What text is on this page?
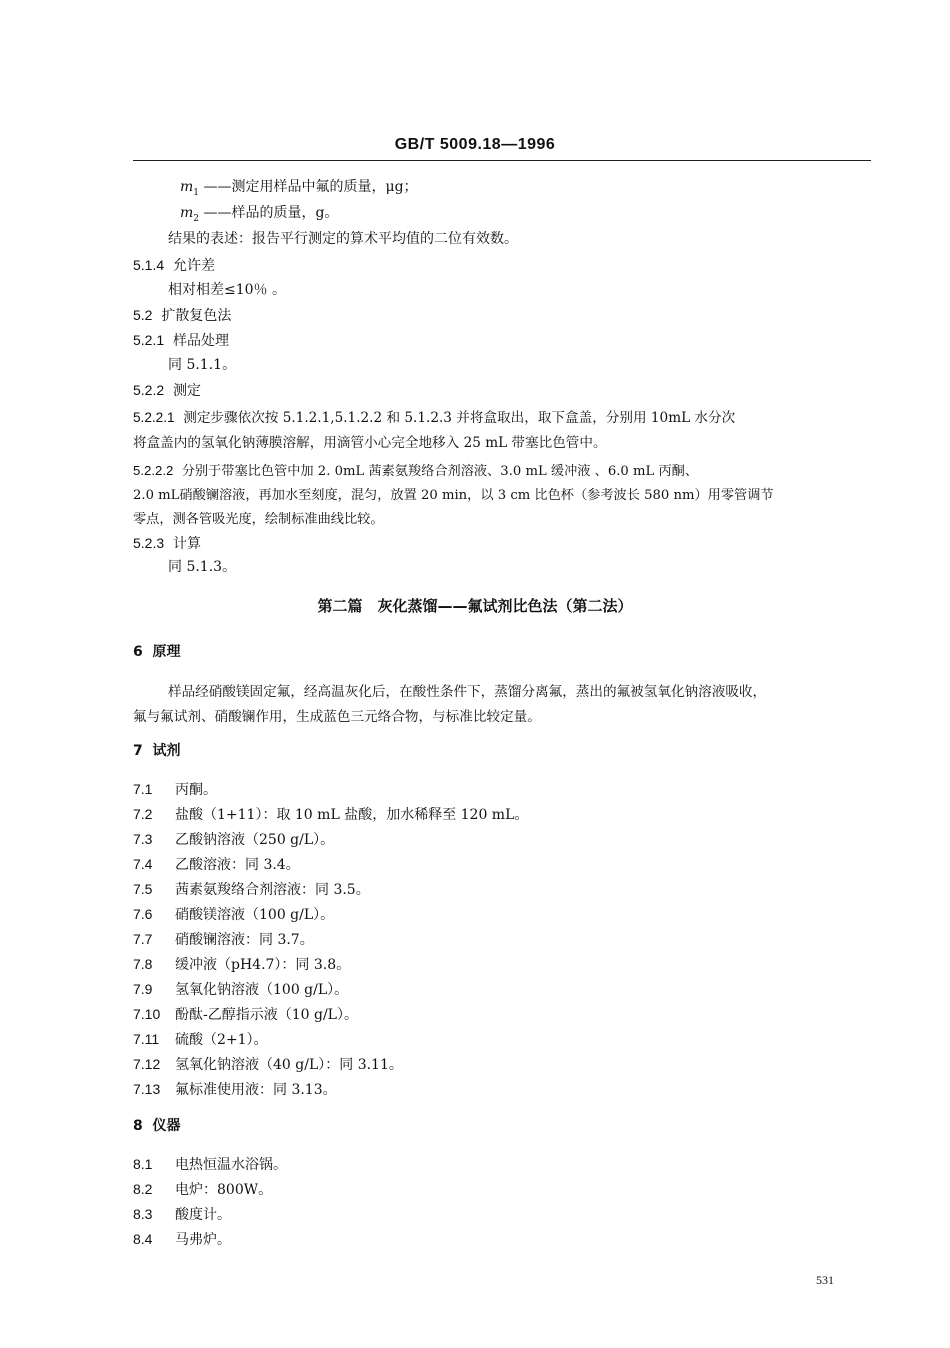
GB/T 5009.18—1996
$m_1$ ——测定用样品中氟的质量，μg；
$m_2$ ——样品的质量，g。
结果的表述：报告平行测定的算术平均值的二位有效数。
5.1.4 允许差
相对相差≤10％ 。
5.2 扩散复色法
5.2.1 样品处理
同 5.1.1。
5.2.2 测定
5.2.2.1 测定步骤依次按 5.1.2.1,5.1.2.2 和 5.1.2.3 并将盒取出，取下盒盖，分别用 10mL 水分次
将盒盖内的氢氧化钠薄膜溶解，用滴管小心完全地移入 25 mL 带塞比色管中。
5.2.2.2 分别于带塞比色管中加 2. 0mL 茜素氨羧络合剂溶液、3.0 mL 缓冲液 、6.0 mL 丙酮、
2.0 mL硝酸镧溶液，再加水至刻度，混匀，放置 20 min，以 3 cm 比色杯（参考波长 580 nm）用零管调节
零点，测各管吸光度，绘制标准曲线比较。
5.2.3 计算
同 5.1.3。
第二篇　灰化蒸馏——氟试剂比色法（第二法）
6 原理
样品经硝酸镁固定氟，经高温灰化后，在酸性条件下，蒸馏分离氟，蒸出的氟被氢氧化钠溶液吸收，
氟与氟试剂、硝酸镧作用，生成蓝色三元络合物，与标准比较定量。
7 试剂
7.1 丙酮。
7.2 盐酸（1+11）：取 10 mL 盐酸，加水稀释至 120 mL。
7.3 乙酸钠溶液（250 g/L）。
7.4 乙酸溶液：同 3.4。
7.5 茜素氨羧络合剂溶液：同 3.5。
7.6 硝酸镁溶液（100 g/L）。
7.7 硝酸镧溶液：同 3.7。
7.8 缓冲液（pH4.7）：同 3.8。
7.9 氢氧化钠溶液（100 g/L）。
7.10 酚酞-乙醇指示液（10 g/L）。
7.11 硫酸（2+1）。
7.12 氢氧化钠溶液（40 g/L）：同 3.11。
7.13 氟标准使用液：同 3.13。
8 仪器
8.1 电热恒温水浴锅。
8.2 电炉：800W。
8.3 酸度计。
8.4 马弗炉。
531
